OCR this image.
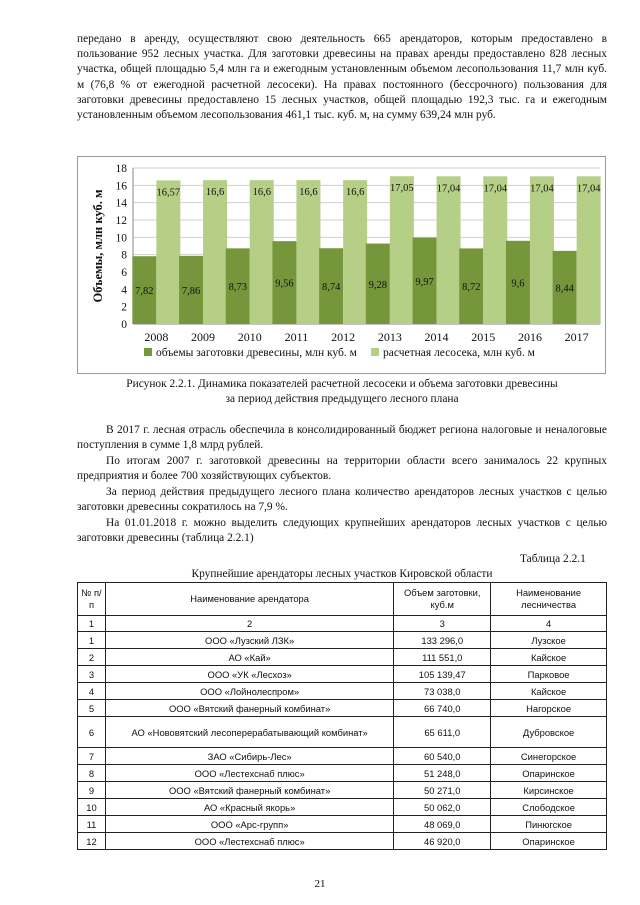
передано в аренду, осуществляют свою деятельность 665 арендаторов, которым предоставлено в пользование 952 лесных участка. Для заготовки древесины на правах аренды предоставлено 828 лесных участка, общей площадью 5,4 млн га и ежегодным установленным объемом лесопользования 11,7 млн куб. м (76,8 % от ежегодной расчетной лесосеки). На правах постоянного (бессрочного) пользования для заготовки древесины предоставлено 15 лесных участков, общей площадью 192,3 тыс. га и ежегодным установленным объемом лесопользования 461,1 тыс. куб. м, на сумму 639,24 млн руб.

0
2
4
6
8
10
12
14
16
18
Объемы, млн куб. м	7,82
16,57
2008
7,86
16,6
2009
8,73
16,6
2010
9,56
16,6
2011
8,74
16,6
2012
9,28
17,05
2013
9,97
17,04
2014
8,72
17,04
2015
9,6
17,04
2016
8,44
17,04
2017
объемы заготовки древесины, млн куб. м расчетная лесосека, млн куб. м
Рисунок 2.2.1. Динамика показателей расчетной лесосеки и объема заготовки древесины
за период действия предыдущего лесного плана

В 2017 г. лесная отрасль обеспечила в консолидированный бюджет региона налоговые и неналоговые поступления в сумме 1,8 млрд рублей.

По итогам 2007 г. заготовкой древесины на территории области всего занималось 22 крупных предприятия и более 700 хозяйствующих субъектов.

За период действия предыдущего лесного плана количество арендаторов лесных участков с целью заготовки древесины сократилось на 7,9 %.

На 01.01.2018 г. можно выделить следующих крупнейших арендаторов лесных участков с целью заготовки древесины (таблица 2.2.1)

Таблица 2.2.1
Крупнейшие арендаторы лесных участков Кировской области
№ п/п	Наименование арендатора	Объем заготовки, куб.м	Наименование лесничества
1	2	3	4
1	ООО «Лузский ЛЗК»	133 296,0	Лузское
2	АО «Кай»	111 551,0	Кайское
3	ООО «УК «Лесхоз»	105 139,47	Парковое
4	ООО «Лойнолеспром»	73 038,0	Кайское
5	ООО «Вятский фанерный комбинат»	66 740,0	Нагорское
6	АО «Нововятский лесоперерабатывающий комбинат»	65 611,0	Дубровское
7	ЗАО «Сибирь-Лес»	60 540,0	Синегорское
8	ООО «Лестехснаб плюс»	51 248,0	Опаринское
9	ООО «Вятский фанерный комбинат»	50 271,0	Кирсинское
10	АО «Красный якорь»	50 062,0	Слободское
11	ООО «Арс-групп»	48 069,0	Пинюгское
12	ООО «Лестехснаб плюс»	46 920,0	Опаринское
21
